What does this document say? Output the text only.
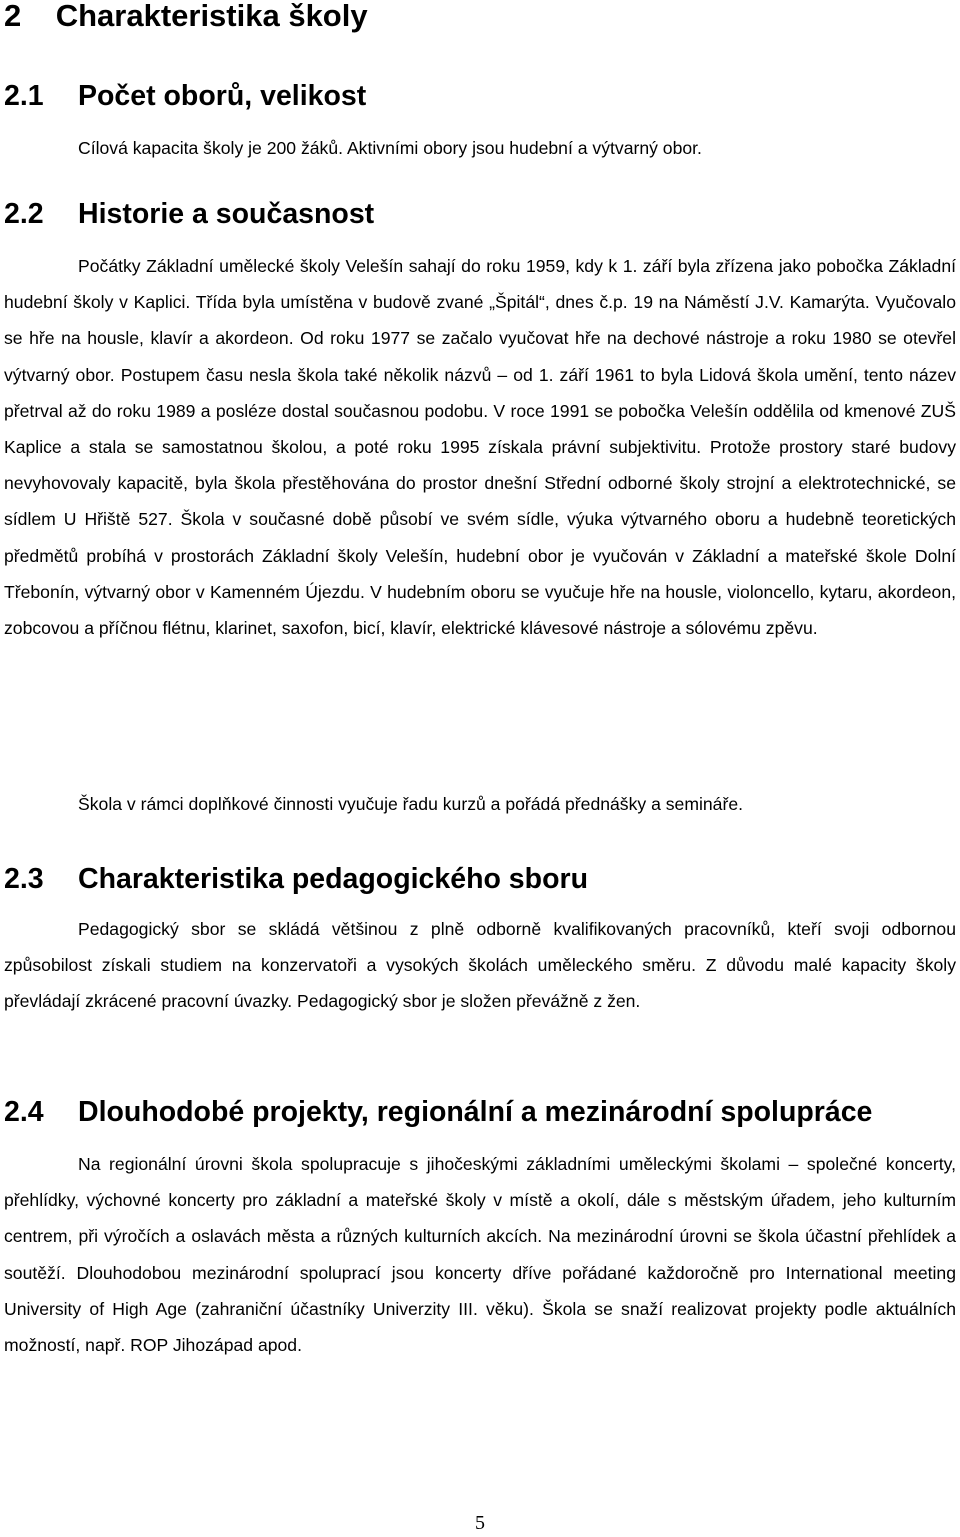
2 Charakteristika školy
2.1 Počet oborů, velikost
Cílová kapacita školy je 200 žáků. Aktivními obory jsou hudební a výtvarný obor.
2.2 Historie a současnost
Počátky Základní umělecké školy Velešín sahají do roku 1959, kdy k 1. září byla zřízena jako pobočka Základní hudební školy v Kaplici. Třída byla umístěna v budově zvané „Špitál“, dnes č.p. 19 na Náměstí J.V. Kamarýta. Vyučovalo se hře na housle, klavír a akordeon. Od roku 1977 se začalo vyučovat hře na dechové nástroje a roku 1980 se otevřel výtvarný obor. Postupem času nesla škola také několik názvů – od 1. září 1961 to byla Lidová škola umění, tento název přetrval až do roku 1989 a posléze dostal současnou podobu. V roce 1991 se pobočka Velešín oddělila od kmenové ZUŠ Kaplice a stala se samostatnou školou, a poté roku 1995 získala právní subjektivitu. Protože prostory staré budovy nevyhovovaly kapacitě, byla škola přestěhována do prostor dnešní Střední odborné školy strojní a elektrotechnické, se sídlem U Hřiště 527. Škola v současné době působí ve svém sídle, výuka výtvarného oboru a hudebně teoretických předmětů probíhá v prostorách Základní školy Velešín, hudební obor je vyučován v Základní a mateřské škole Dolní Třebonín, výtvarný obor v Kamenném Újezdu. V hudebním oboru se vyučuje hře na housle, violoncello, kytaru, akordeon, zobcovou a příčnou flétnu, klarinet, saxofon, bicí, klavír, elektrické klávesové nástroje a sólovému zpěvu.
Škola v rámci doplňkové činnosti vyučuje řadu kurzů a pořádá přednášky a semináře.
2.3 Charakteristika pedagogického sboru
Pedagogický sbor se skládá většinou z plně odborně kvalifikovaných pracovníků, kteří svoji odbornou způsobilost získali studiem na konzervatoři a vysokých školách uměleckého směru. Z důvodu malé kapacity školy převládají zkrácené pracovní úvazky. Pedagogický sbor je složen převážně z žen.
2.4 Dlouhodobé projekty, regionální a mezinárodní spolupráce
Na regionální úrovni škola spolupracuje s jihočeskými základními uměleckými školami – společné koncerty, přehlídky, výchovné koncerty pro základní a mateřské školy v místě a okolí, dále s městským úřadem, jeho kulturním centrem, při výročích a oslavách města a různých kulturních akcích. Na mezinárodní úrovni se škola účastní přehlídek a soutěží. Dlouhodobou mezinárodní spoluprací jsou koncerty dříve pořádané každoročně pro International meeting University of High Age (zahraniční účastníky Univerzity III. věku). Škola se snaží realizovat projekty podle aktuálních možností, např. ROP Jihozápad apod.
5
